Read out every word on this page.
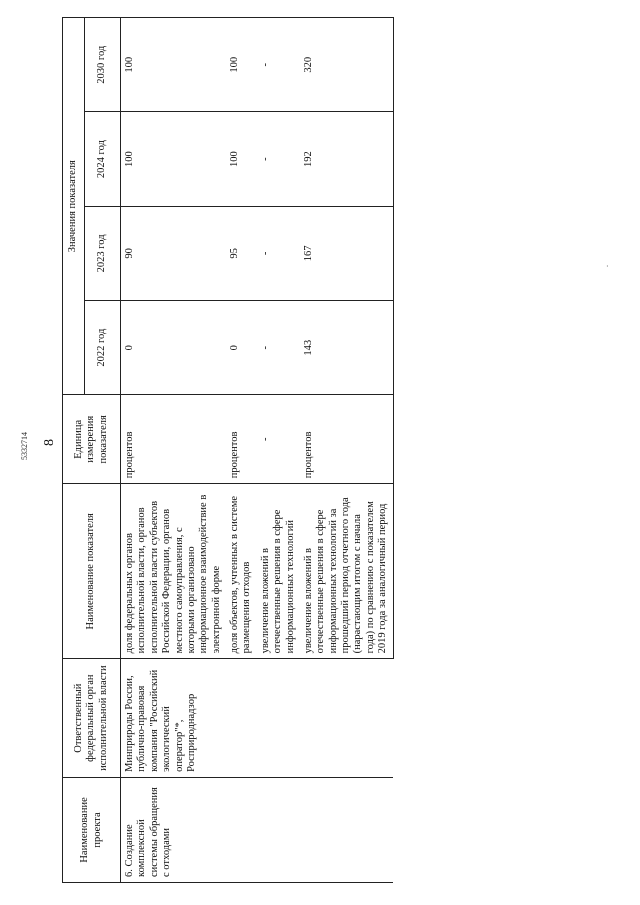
8
5332714
·
Наименование проекта	Ответственный федеральный орган исполнительной власти	Наименование показателя	Единица измерения показателя	Значения показателя			
				2022 год	2023 год	2024 год	2030 год
6. Создание комплексной системы обращения с отходами	Минприроды России, публично-правовая компания "Российский экологический оператор"*, Росприроднадзор	доля федеральных органов исполнительной власти, органов исполнительной власти субъектов Российской Федерации, органов местного самоуправления, с которыми организовано информационное взаимодействие в электронной форме	процентов	0	90	100	100
		доля объектов, учтенных в системе размещения отходов	процентов	0	95	100	100
		увеличение вложений в отечественные решения в сфере информационных технологий	-	-	-	-	-
		увеличение вложений в отечественные решения в сфере информационных технологий за прошедший период отчетного года (нарастающим итогом с начала года) по сравнению с показателем 2019 года за аналогичный период	процентов	143	167	192	320
